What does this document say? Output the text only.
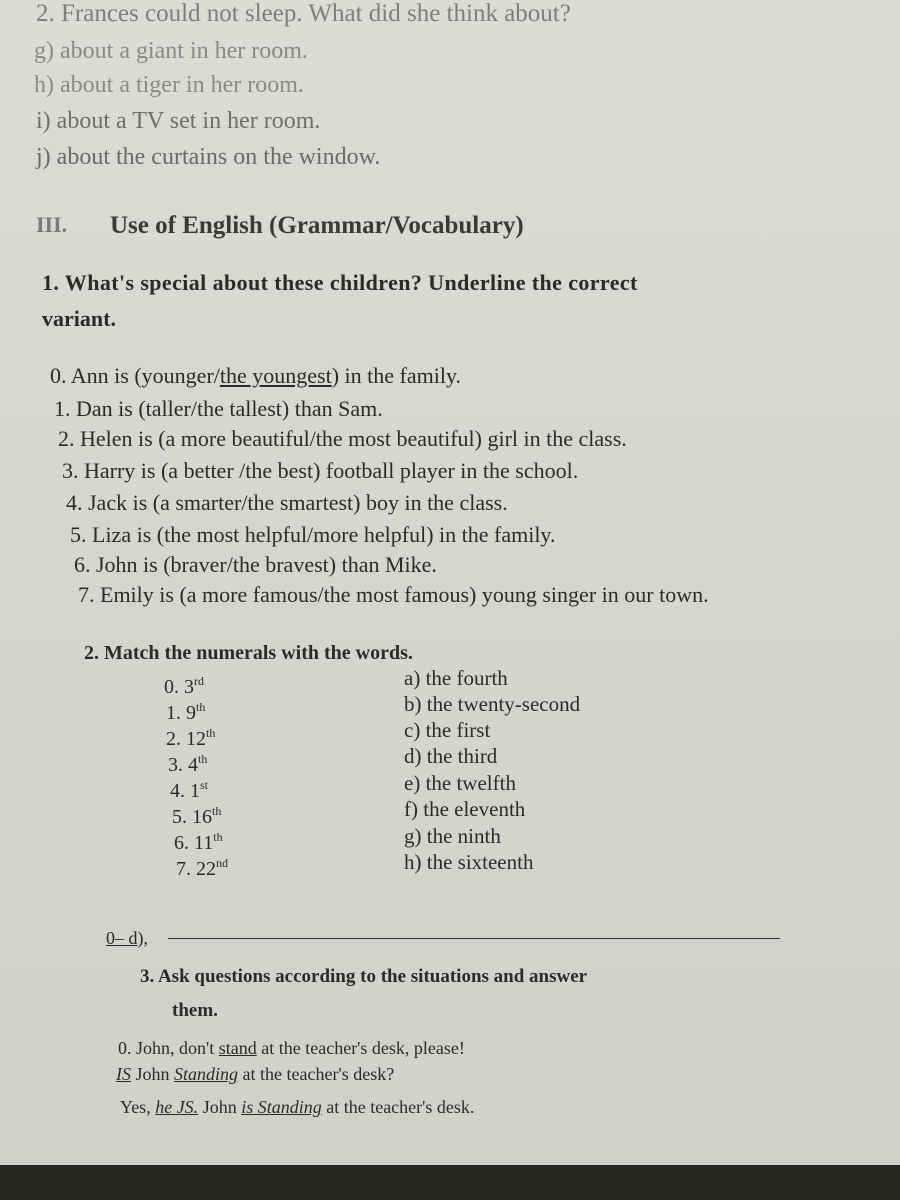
2. Frances could not sleep. What did she think about?
g) about a giant in her room.
h) about a tiger in her room.
i) about a TV set in her room.
j) about the curtains on the window.
III. Use of English (Grammar/Vocabulary)
1. What's special about these children? Underline the correct
variant.
0. Ann is (younger/the youngest) in the family.
1. Dan is (taller/the tallest) than Sam.
2. Helen is (a more beautiful/the most beautiful) girl in the class.
3. Harry is (a better /the best) football player in the school.
4. Jack is (a smarter/the smartest) boy in the class.
5. Liza is (the most helpful/more helpful) in the family.
6. John is (braver/the bravest) than Mike.
7. Emily is (a more famous/the most famous) young singer in our town.
2. Match the numerals with the words.
0. 3rd
1. 9th
2. 12th
3. 4th
4. 1st
5. 16th
6. 11th
7. 22nd
a) the fourth
b) the twenty-second
c) the first
d) the third
e) the twelfth
f) the eleventh
g) the ninth
h) the sixteenth
0– d),
3. Ask questions according to the situations and answer
them.
0. John, don't stand at the teacher's desk, please!
IS John Standing at the teacher's desk?
Yes, he JS. John is Standing at the teacher's desk.
